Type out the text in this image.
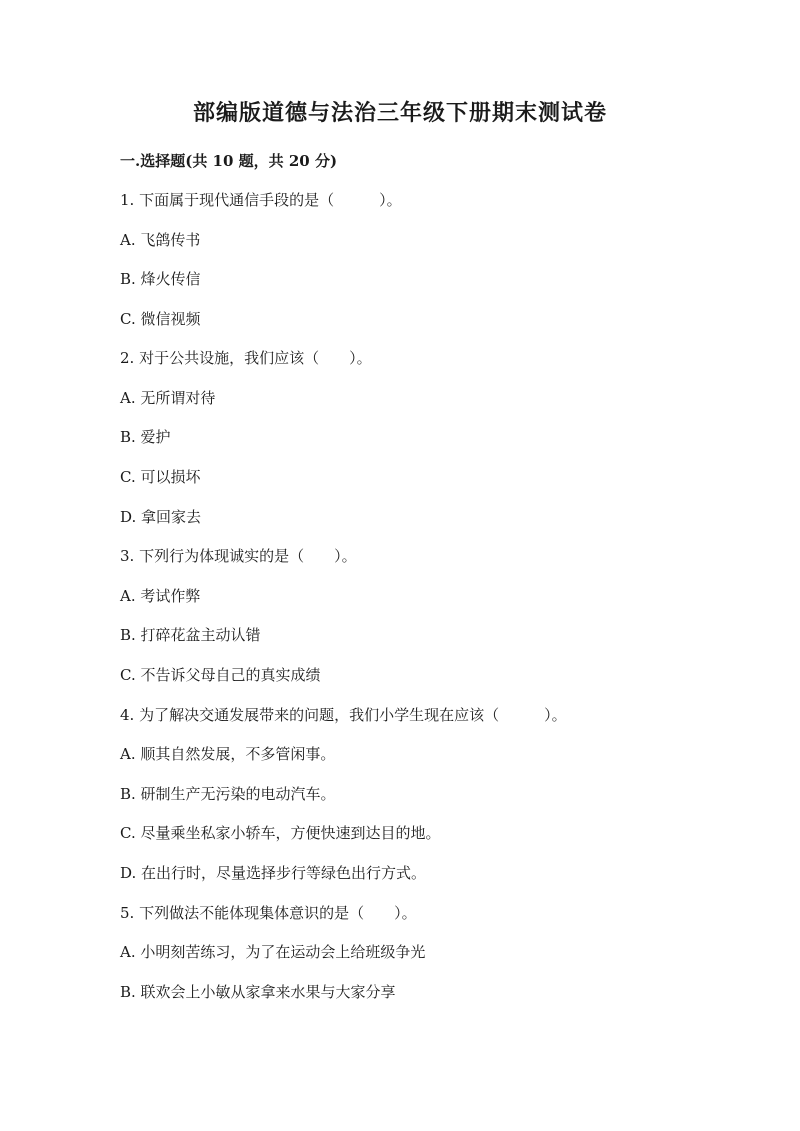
部编版道德与法治三年级下册期末测试卷
一.选择题(共 10 题，共 20 分)
1. 下面属于现代通信手段的是（　　　）。
A. 飞鸽传书
B. 烽火传信
C. 微信视频
2. 对于公共设施，我们应该（　　）。
A. 无所谓对待
B. 爱护
C. 可以损坏
D. 拿回家去
3. 下列行为体现诚实的是（　　）。
A. 考试作弊
B. 打碎花盆主动认错
C. 不告诉父母自己的真实成绩
4. 为了解决交通发展带来的问题，我们小学生现在应该（　　　）。
A. 顺其自然发展，不多管闲事。
B. 研制生产无污染的电动汽车。
C. 尽量乘坐私家小轿车，方便快速到达目的地。
D. 在出行时，尽量选择步行等绿色出行方式。
5. 下列做法不能体现集体意识的是（　　）。
A. 小明刻苦练习，为了在运动会上给班级争光
B. 联欢会上小敏从家拿来水果与大家分享
